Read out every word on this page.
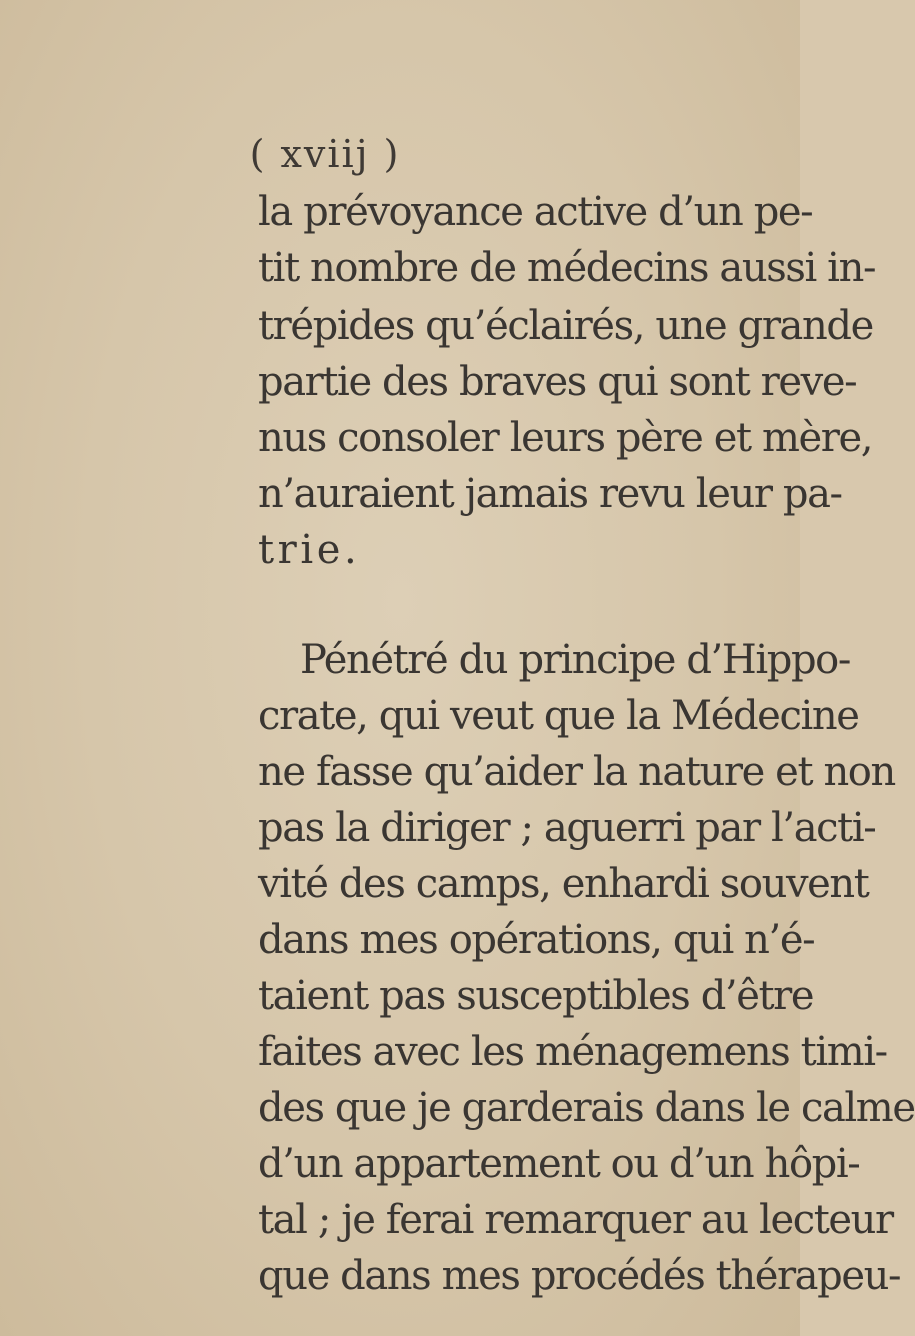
( xviij )
la prévoyance active d’un pe-
tit nombre de médecins aussi in-
trépides qu’éclairés, une grande
partie des braves qui sont reve-
nus consoler leurs père et mère,
n’auraient jamais revu leur pa-
trie.
Pénétré du principe d’Hippo-
crate, qui veut que la Médecine
ne fasse qu’aider la nature et non
pas la diriger ; aguerri par l’acti-
vité des camps, enhardi souvent
dans mes opérations, qui n’é-
taient pas susceptibles d’être
faites avec les ménagemens timi-
des que je garderais dans le calme
d’un appartement ou d’un hôpi-
tal ; je ferai remarquer au lecteur
que dans mes procédés thérapeu-
